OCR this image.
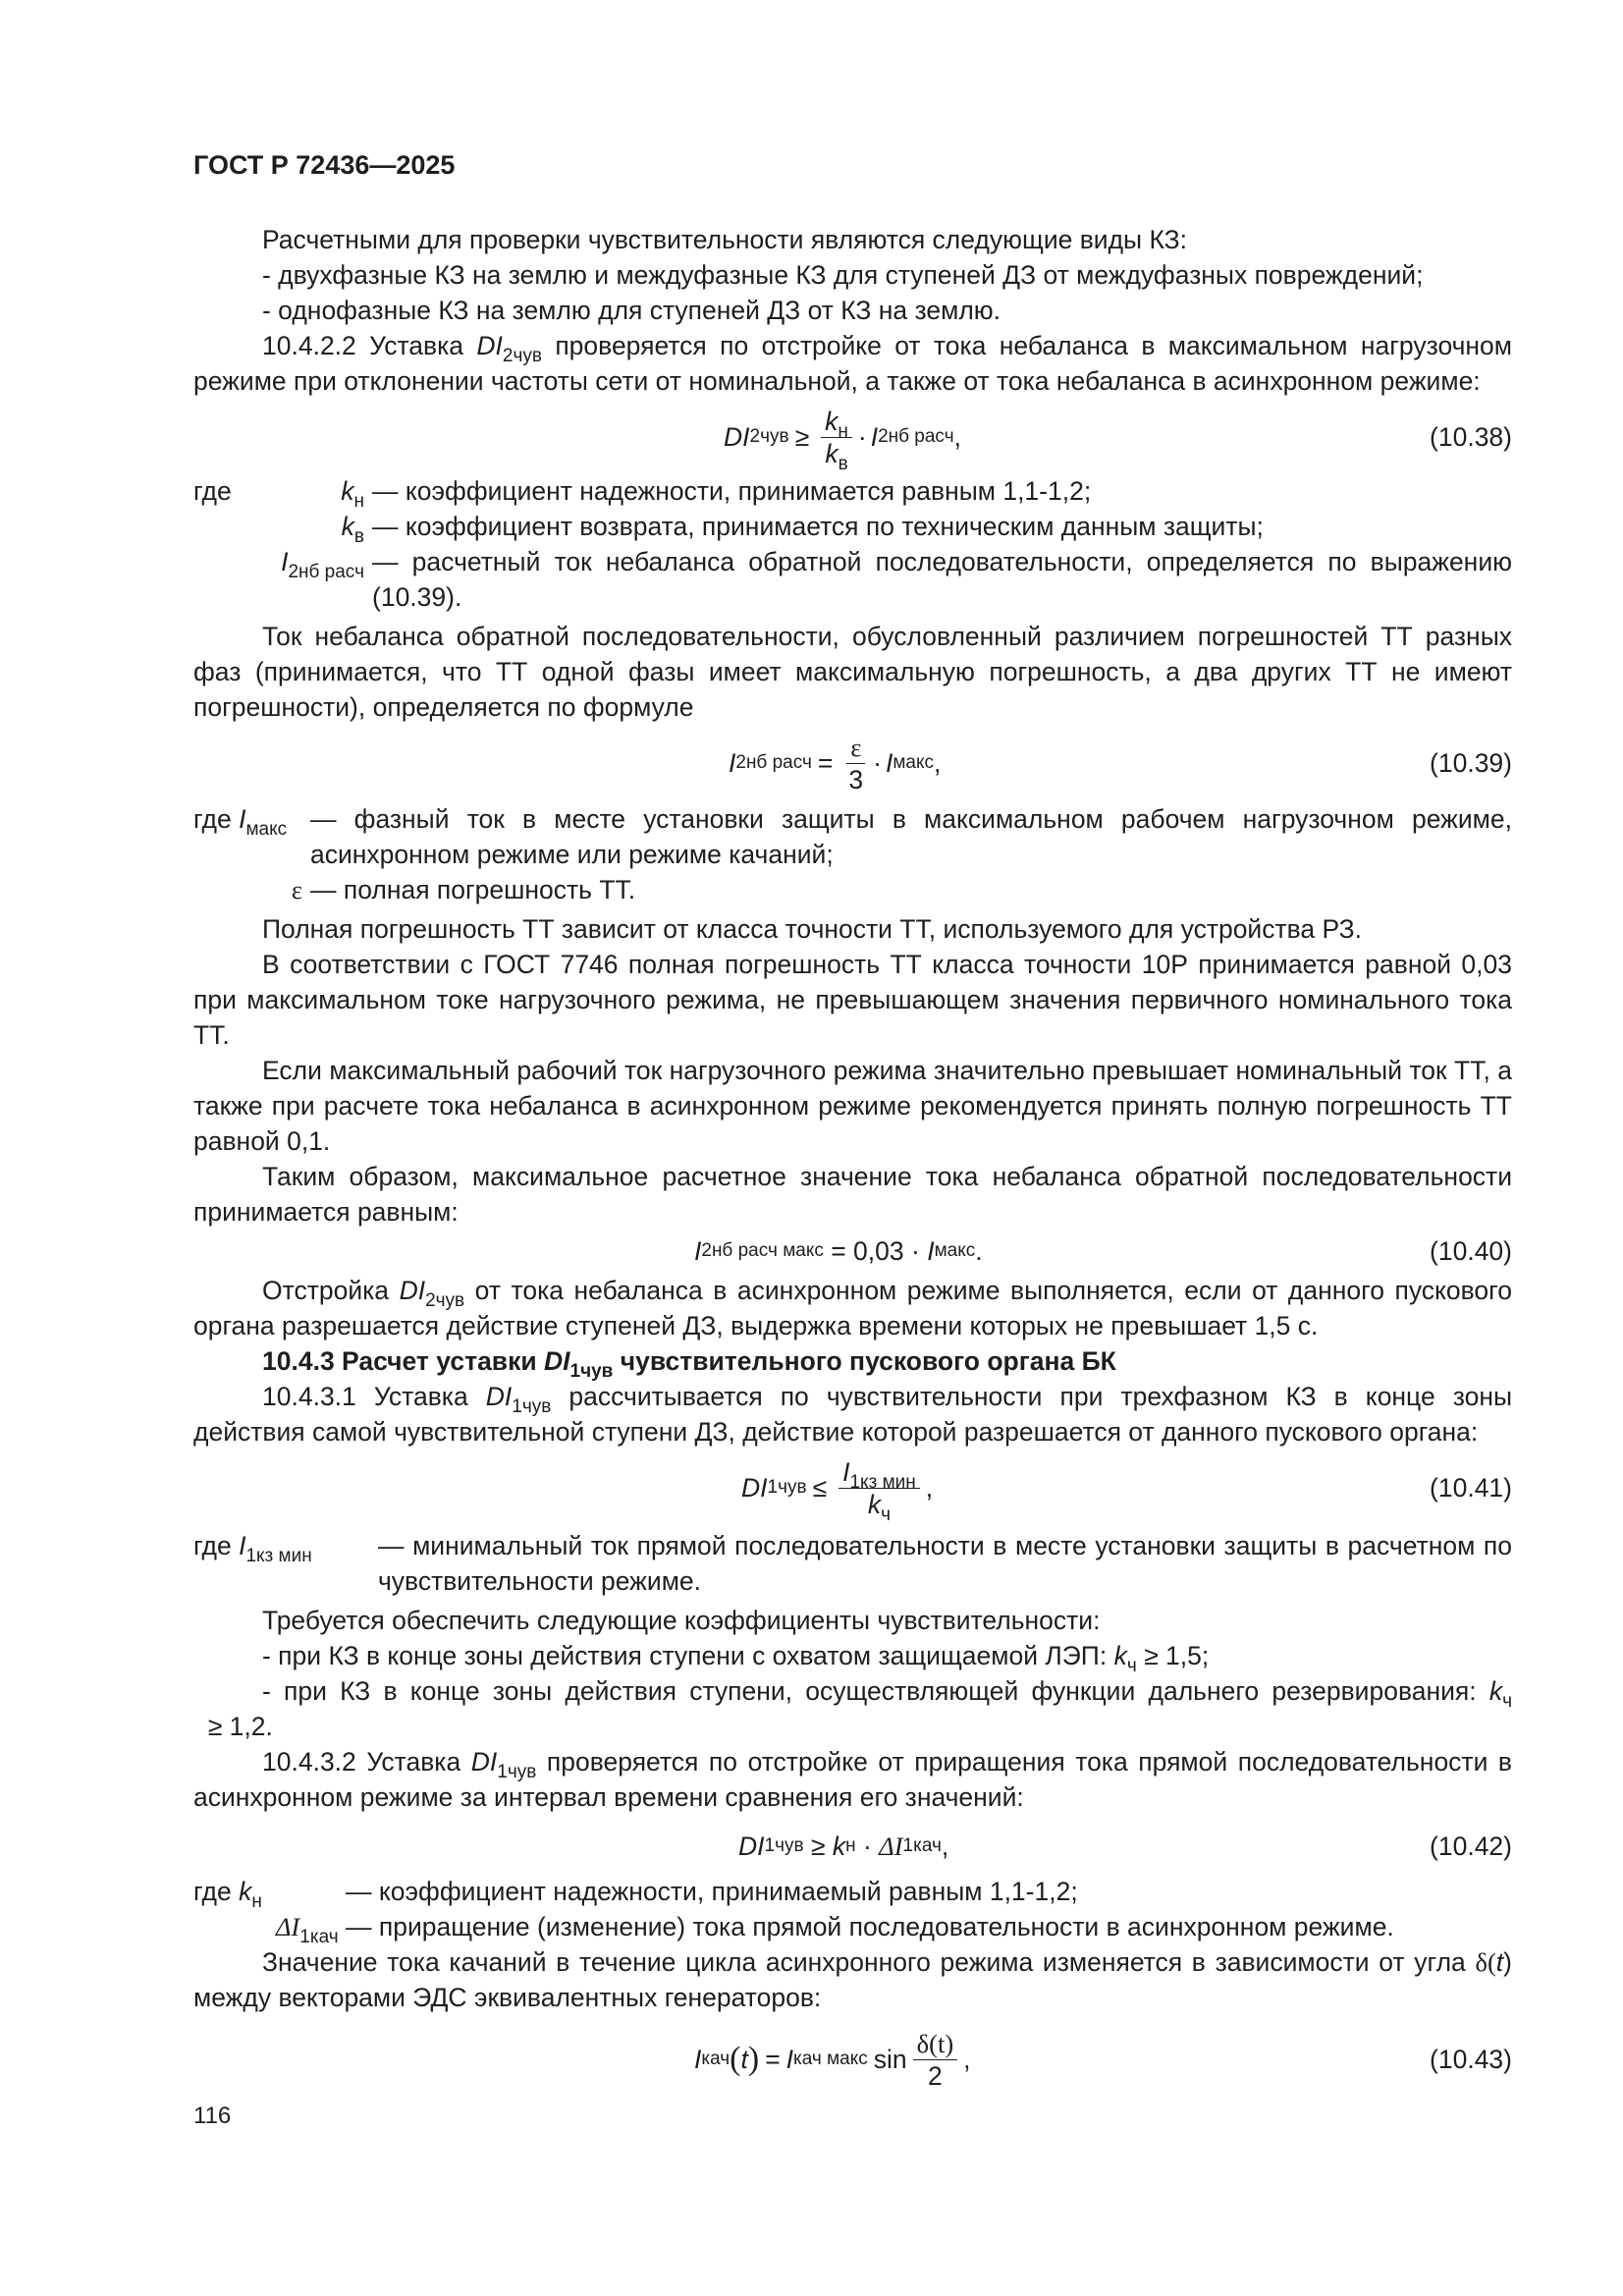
ГОСТ Р 72436—2025

Расчетными для проверки чувствительности являются следующие виды КЗ:

- двухфазные КЗ на землю и междуфазные КЗ для ступеней ДЗ от междуфазных повреждений;

- однофазные КЗ на землю для ступеней ДЗ от КЗ на землю.

10.4.2.2 Уставка $DI_{2чув}$ проверяется по отстройке от тока небаланса в максимальном нагрузочном режиме при отклонении частоты сети от номинальной, а также от тока небаланса в асинхронном режиме:

DI $2чув \ge \frac{k_н}{k_в} \cdot I$ 2нб расч ,	(10.38)
где	$k_н$ — коэффициент надежности, принимается равным 1,1-1,2;
$k_в$ — коэффициент возврата, принимается по техническим данным защиты;
$I_{2нб расч}$ — расчетный ток небаланса обратной последовательности, определяется по выражению (10.39).

Ток небаланса обратной последовательности, обусловленный различием погрешностей ТТ разных фаз (принимается, что ТТ одной фазы имеет максимальную погрешность, а два других ТТ не имеют погрешности), определяется по формуле

I 2нб расч = $\frac{\varepsilon}{3} \cdot I$ макс ,	(10.39)
где $I_{макс}$ — фазный ток в месте установки защиты в максимальном рабочем нагрузочном режиме, асинхронном режиме или режиме качаний;
ε — полная погрешность ТТ.

Полная погрешность ТТ зависит от класса точности ТТ, используемого для устройства РЗ.

В соответствии с ГОСТ 7746 полная погрешность ТТ класса точности 10Р принимается равной 0,03 при максимальном токе нагрузочного режима, не превышающем значения первичного номинального тока ТТ.

Если максимальный рабочий ток нагрузочного режима значительно превышает номинальный ток ТТ, а также при расчете тока небаланса в асинхронном режиме рекомендуется принять полную погрешность ТТ равной 0,1.

Таким образом, максимальное расчетное значение тока небаланса обратной последовательности принимается равным:

I 2нб расч макс = 0,03 · I макс .	(10.40)

Отстройка $DI_{2чув}$ от тока небаланса в асинхронном режиме выполняется, если от данного пускового органа разрешается действие ступеней ДЗ, выдержка времени которых не превышает 1,5 с.

10.4.3 Расчет уставки $DI_{1чув}$ чувствительного пускового органа БК

10.4.3.1 Уставка $DI_{1чув}$ рассчитывается по чувствительности при трехфазном КЗ в конце зоны действия самой чувствительной ступени ДЗ, действие которой разрешается от данного пускового органа:

DI $1чув \le \frac{I_{1кз мин}}{k_ч}$ ,	(10.41)
где $I_{1кз мин}$	— минимальный ток прямой последовательности в месте установки защиты в расчетном по чувствительности режиме.

Требуется обеспечить следующие коэффициенты чувствительности:

- при КЗ в конце зоны действия ступени с охватом защищаемой ЛЭП: $k_ч \ge 1,5$;

- при КЗ в конце зоны действия ступени, осуществляющей функции дальнего резервирования: $k_ч \ge 1,2$.

10.4.3.2 Уставка $DI_{1чув}$ проверяется по отстройке от приращения тока прямой последовательности в асинхронном режиме за интервал времени сравнения его значений:

DI 1чув ≥ k н · ΔI 1кач ,	(10.42)
где $k_н$	— коэффициент надежности, принимаемый равным 1,1-1,2;
$\Delta I_{1кач}$ — приращение (изменение) тока прямой последовательности в асинхронном режиме.

Значение тока качаний в течение цикла асинхронного режима изменяется в зависимости от угла δ(t) между векторами ЭДС эквивалентных генераторов:

I кач ( t ) = I кач макс $\sin \frac{\delta(t)}{2}$ ,	(10.43)
116
